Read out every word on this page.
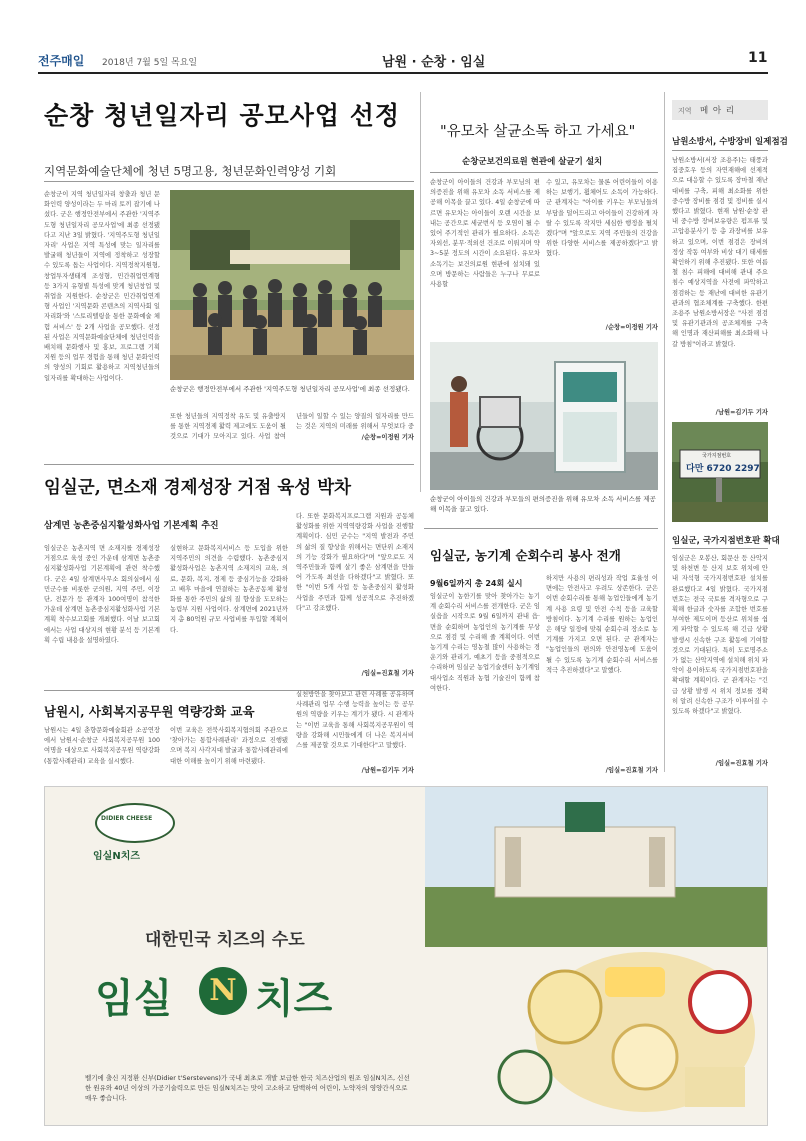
전주매일 2018년 7월 5일 목요일	남원 · 순창 · 임실	11
순창 청년일자리 공모사업 선정
지역문화예술단체에 청년 5명고용, 청년문화인력양성 기회
순창군이 지역 청년일자리 창출과 청년 문화인력 양성이라는 두 마리 토끼 잡기에 나섰다. 군은 행정안전부에서 주관한 '지역주도형 청년일자리 공모사업'에 최종 선정됐다고 지난 3일 밝혔다. '지역주도형 청년일자리' 사업은 지역 특성에 맞는 일자리를 발굴해 청년들이 지역에 정착하고 성장할 수 있도록 돕는 사업이다. 지역정착지원형, 창업투자생태계 조성형, 민간취업연계형 등 3가지 유형별 특성에 맞게 청년창업 및 취업을 지원한다. 순창군은 민간취업연계형 사업인 '지역문화 콘텐츠의 지역사회 일자리화'와 '스토리텔링을 통한 문화예술 체험 서비스' 등 2개 사업을 공모했다. 선정된 사업은 지역문화예술단체에 청년인력을 배치해 문화행사 및 홍보, 프로그램 기획 지원 등의 업무 경험을 통해 청년 문화인력의 양성의 기회로 활용하고 지역청년들의 일자리를 확대하는 사업이다.
순창군은 행정안전부에서 주관한 '지역주도형 청년일자리 공모사업'에 최종 선정됐다.
또한 청년들의 지역정착 유도 및 유출방지를 통한 지역경제 활력 제고에도 도움이 될 것으로 기대가 모아지고 있다. 사업 참여
년들이 일할 수 있는 양질의 일자리를 만드는 것은 지역의 미래를 위해서 무엇보다 중
/순창=이정원 기자
"유모차 살균소독 하고 가세요"
순창군보건의료원 현관에 살균기 설치
순창군이 아이들의 건강과 부모님의 편의증진을 위해 유모차 소독 서비스를 제공해 이목을 끌고 있다. 4일 순창군에 따르면 유모차는 아이들이 오랜 시간을 보내는 공간으로 세균번식 등 오염이 될 수 있어 주기적인 관리가 필요하다. 소독은 자외선, 분무·적외선 건조로 이뤄지며 약 3~5분 정도의 시간이 소요된다. 유모차소독기는 보건의료원 현관에 설치돼 있으며 방문하는 사람들은 누구나 무료로 사용할
수 있고, 유모차는 물론 어린이들이 이용하는 보행기, 휠체어도 소독이 가능하다. 군 관계자는 "아이를 키우는 부모님들의 부담을 덜어드리고 아이들이 건강하게 자랄 수 있도록 작지만 세심한 행정을 펼치겠다"며 "앞으로도 지역 주민들의 건강을 위한 다양한 서비스를 제공하겠다"고 밝혔다.
/순창=이정원 기자
순창군이 아이들의 건강과 부모들의 편의증진을 위해 유모차 소독 서비스를 제공해 이목을 끌고 있다.
지역 메 아 리
남원소방서, 수방장비 일제점검
남원소방서(서장 조용주)는 태풍과 집중호우 등의 자연재해에 선제적으로 대응할 수 있도록 장마철 재난대비를 구축, 피해 최소화를 위한 중수방 장비를 점검 및 정비를 실시했다고 밝혔다. 현재 남원·순창 관내 중수방 장비보유량은 펌프류 및 고압용분사기 등 총 과장비를 보유하고 있으며, 이번 점검은 장비의 정상 작동 여부와 비상 대기 태세를 확인하기 위해 추진됐다. 또한 여름철 침수 피해에 대비해 관내 주요 침수 예상지역을 사전에 파악하고 점검하는 등 재난에 대비한 유관기관과의 협조체계를 구축했다. 한편 조용주 남원소방서장은 "사전 점검 및 유관기관과의 공조체계를 구축해 인명과 재산피해를 최소화해 나갈 방침"이라고 밝혔다.
/남원=김기두 기자
국가지점번호
다만 6720 2297
임실군, 국가지점번호판 확대
임실군은 오봉산, 회문산 등 산악지 및 하천변 등 산지 보호 위치에 안내 자석형 국가지점번호판 설치를 완료했다고 4일 밝혔다. 국가지점번호는 전국 국토를 격자형으로 구획해 한글과 숫자를 조합한 번호를 부여한 제도이며 등산로 위치를 쉽게 파악할 수 있도록 해 긴급 상황 발생시 신속한 구조 활동에 기여할 것으로 기대된다. 특히 도로명주소가 없는 산악지역에 설치해 위치 파악이 용이하도록 국가지점번호판을 확대할 계획이다. 군 관계자는 "긴급 상황 발생 시 위치 정보를 정확히 알려 신속한 구조가 이루어질 수 있도록 하겠다"고 밝혔다.
/임실=진효철 기자
임실군, 면소재 경제성장 거점 육성 박차
삼계면 농촌중심지활성화사업 기본계획 추진
임실군은 농촌지역 면 소재지를 경제성장 거점으로 육성 중인 가운데 삼계면 농촌중심지활성화사업 기본계획에 관련 착수했다. 군은 4일 삼계면사무소 회의실에서 심민군수를 비롯한 군의원, 지역 주민, 이장단, 전문가 등 관계자 100여명이 참석한 가운데 삼계면 농촌중심지활성화사업 기본계획 착수보고회를 개최했다. 이날 보고회에서는 사업 대상지의 현황 분석 등 기본계획 수립 내용을 설명하였다.
실현하고 문화복지서비스 등 도입을 위한 지역주민의 의견을 수렴했다. 농촌중심지 활성화사업은 농촌지역 소재지의 교육, 의료, 문화, 복지, 경제 등 중심기능을 강화하고 배후 마을에 연결하는 농촌공동체 활성화를 통한 주민의 삶의 질 향상을 도모하는 농림부 지원 사업이다. 삼계면에 2021년까지 총 80억원 규모 사업비를 투입할 계획이다.
다. 또한 문화복지프로그램 지원과 공동체활성화를 위한 지역역량강화 사업을 진행할 계획이다. 심민 군수는 "지역 발전과 주민의 삶의 질 향상을 위해서는 면단위 소재지의 기능 강화가 필요하다"며 "앞으로도 지역주민들과 함께 살기 좋은 삼계면을 만들어 가도록 최선을 다하겠다"고 밝혔다. 또한 "이번 5개 사업 등 농촌중심지 활성화 사업을 주민과 함께 성공적으로 추진하겠다"고 강조했다.
/임실=진효철 기자
임실군, 농기계 순회수리 봉사 전개
9월6일까지 총 24회 실시
임실군이 농한기를 맞아 찾아가는 농기계 순회수리 서비스를 전개한다. 군은 임실읍을 시작으로 9월 6일까지 관내 읍·면을 순회하며 농업인의 농기계를 무상으로 점검 및 수리해 줄 계획이다. 이번 농기계 수리는 영농철 많이 사용하는 경운기와 관리기, 예초기 등을 중점적으로 수리하며 임실군 농업기술센터 농기계임대사업소 직원과 농협 기술진이 함께 참여한다.
하지만 사용의 편리성과 작업 효율성 이면에는 안전사고 우려도 상존한다. 군은 이번 순회수리를 통해 농업인들에게 농기계 사용 요령 및 안전 수칙 등을 교육할 방침이다. 농기계 수리를 원하는 농업인은 해당 일정에 맞춰 순회수리 장소로 농기계를 가지고 오면 된다. 군 관계자는 "농업인들의 편의와 안전영농에 도움이 될 수 있도록 농기계 순회수리 서비스를 적극 추진하겠다"고 말했다.
/임실=진효철 기자
남원시, 사회복지공무원 역량강화 교육
남원시는 4일 춘향문화예술회관 소공연장에서 남원시·순창군 사회복지공무원 100여명을 대상으로 사회복지공무원 역량강화(통합사례관리) 교육을 실시했다.
이번 교육은 전북사회복지협의회 주관으로 '찾아가는 통합사례관리' 과정으로 진행됐으며 복지 사각지대 발굴과 통합사례관리에 대한 이해를 높이기 위해 마련됐다.
실천방안을 찾아보고 관련 사례를 공유하며 사례관리 업무 수행 능력을 높이는 등 공무원의 역량을 키우는 계기가 됐다. 시 관계자는 "이번 교육을 통해 사회복지공무원이 역량을 강화해 시민들에게 더 나은 복지서비스를 제공할 것으로 기대한다"고 말했다.
/남원=김기두 기자
DIDIER CHEESE
임실N치즈
대한민국 치즈의 수도
임실	N 치즈
벨기에 출신 지정환 신부(Didier t'Serstevens)가 국내 최초로 개발 보급한 한국 치즈산업의 원조 임실N치즈, 신선한 원유와 40년 이상의 가공기술력으로 만든 임실N치즈는 맛이 고소하고 담백하여 어린이, 노약자의 영양간식으로 매우 좋습니다.
